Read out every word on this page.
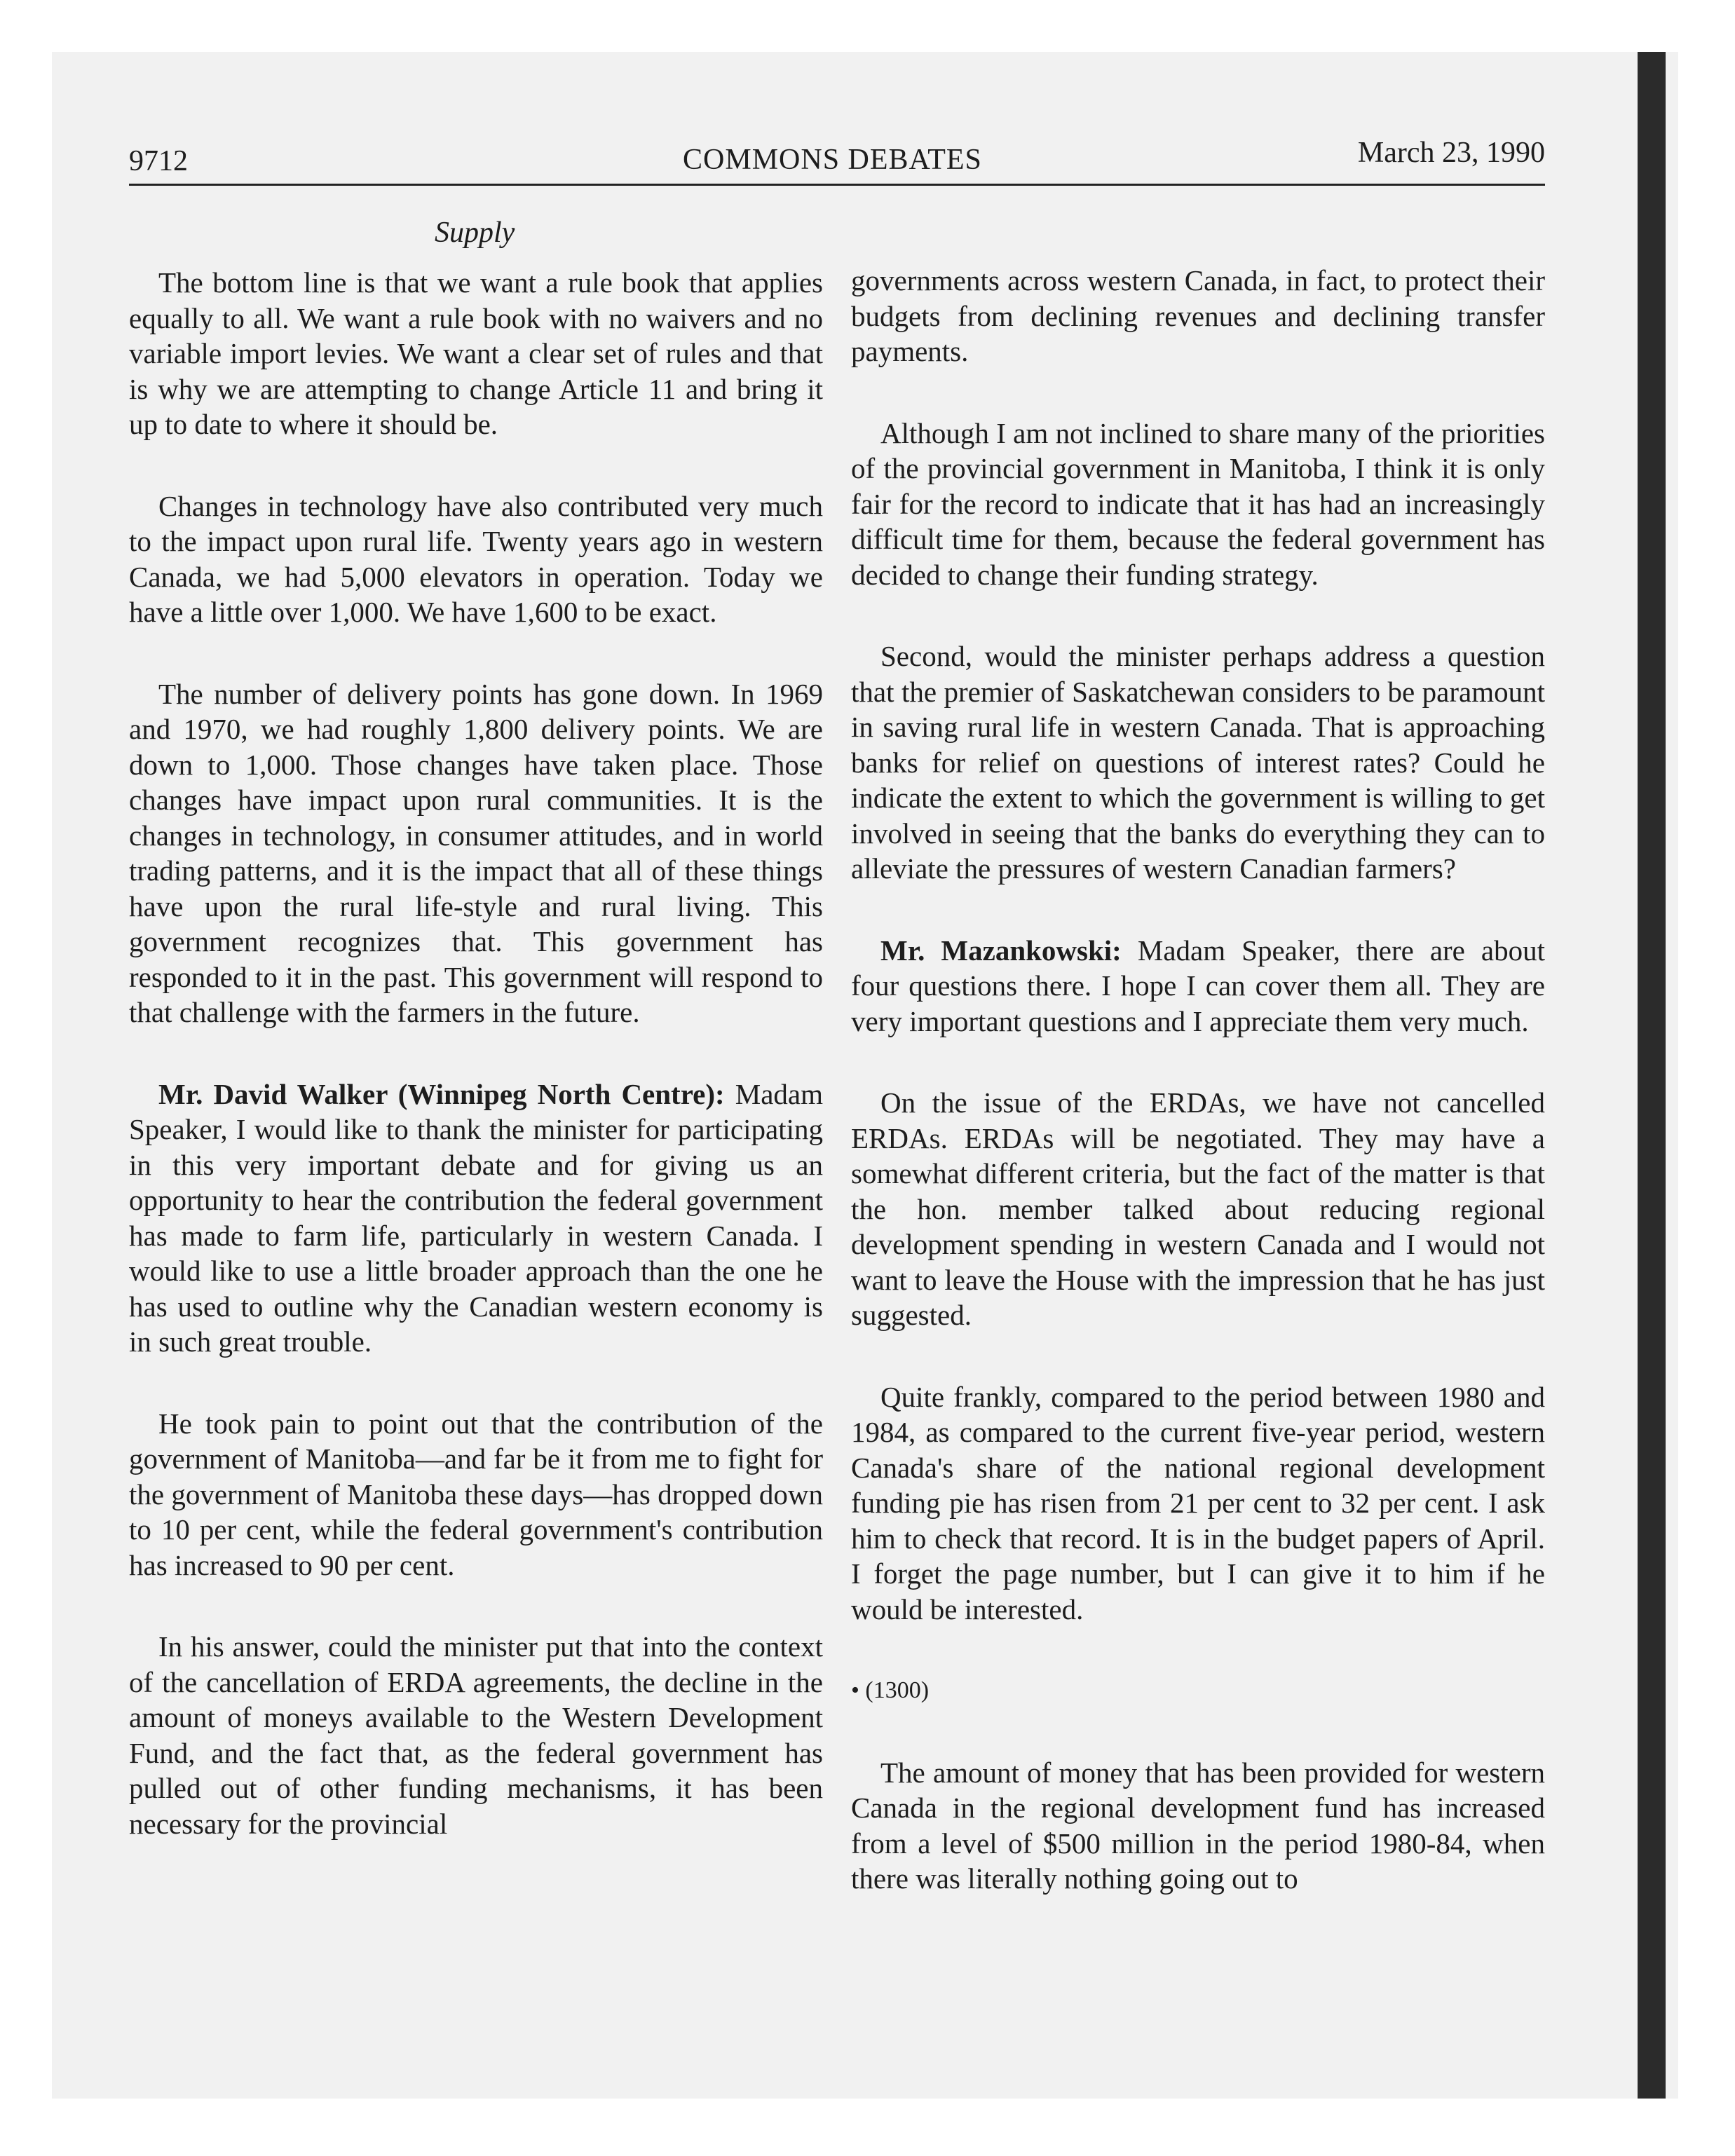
9712	COMMONS DEBATES	March 23, 1990
Supply

The bottom line is that we want a rule book that applies equally to all. We want a rule book with no waivers and no variable import levies. We want a clear set of rules and that is why we are attempting to change Article 11 and bring it up to date to where it should be.

Changes in technology have also contributed very much to the impact upon rural life. Twenty years ago in western Canada, we had 5,000 elevators in operation. Today we have a little over 1,000. We have 1,600 to be exact.

The number of delivery points has gone down. In 1969 and 1970, we had roughly 1,800 delivery points. We are down to 1,000. Those changes have taken place. Those changes have impact upon rural communities. It is the changes in technology, in consumer attitudes, and in world trading patterns, and it is the impact that all of these things have upon the rural life-style and rural living. This government recognizes that. This government has responded to it in the past. This government will respond to that challenge with the farmers in the future.

Mr. David Walker (Winnipeg North Centre): Madam Speaker, I would like to thank the minister for participating in this very important debate and for giving us an opportunity to hear the contribution the federal government has made to farm life, particularly in western Canada. I would like to use a little broader approach than the one he has used to outline why the Canadian western economy is in such great trouble.

He took pain to point out that the contribution of the government of Manitoba—and far be it from me to fight for the government of Manitoba these days—has dropped down to 10 per cent, while the federal government's contribution has increased to 90 per cent.

In his answer, could the minister put that into the context of the cancellation of ERDA agreements, the decline in the amount of moneys available to the Western Development Fund, and the fact that, as the federal government has pulled out of other funding mechanisms, it has been necessary for the provincial

governments across western Canada, in fact, to protect their budgets from declining revenues and declining transfer payments.

Although I am not inclined to share many of the priorities of the provincial government in Manitoba, I think it is only fair for the record to indicate that it has had an increasingly difficult time for them, because the federal government has decided to change their funding strategy.

Second, would the minister perhaps address a question that the premier of Saskatchewan considers to be paramount in saving rural life in western Canada. That is approaching banks for relief on questions of interest rates? Could he indicate the extent to which the government is willing to get involved in seeing that the banks do everything they can to alleviate the pressures of western Canadian farmers?

Mr. Mazankowski: Madam Speaker, there are about four questions there. I hope I can cover them all. They are very important questions and I appreciate them very much.

On the issue of the ERDAs, we have not cancelled ERDAs. ERDAs will be negotiated. They may have a somewhat different criteria, but the fact of the matter is that the hon. member talked about reducing regional development spending in western Canada and I would not want to leave the House with the impression that he has just suggested.

Quite frankly, compared to the period between 1980 and 1984, as compared to the current five-year period, western Canada's share of the national regional development funding pie has risen from 21 per cent to 32 per cent. I ask him to check that record. It is in the budget papers of April. I forget the page number, but I can give it to him if he would be interested.

• (1300)

The amount of money that has been provided for western Canada in the regional development fund has increased from a level of $500 million in the period 1980-84, when there was literally nothing going out to
